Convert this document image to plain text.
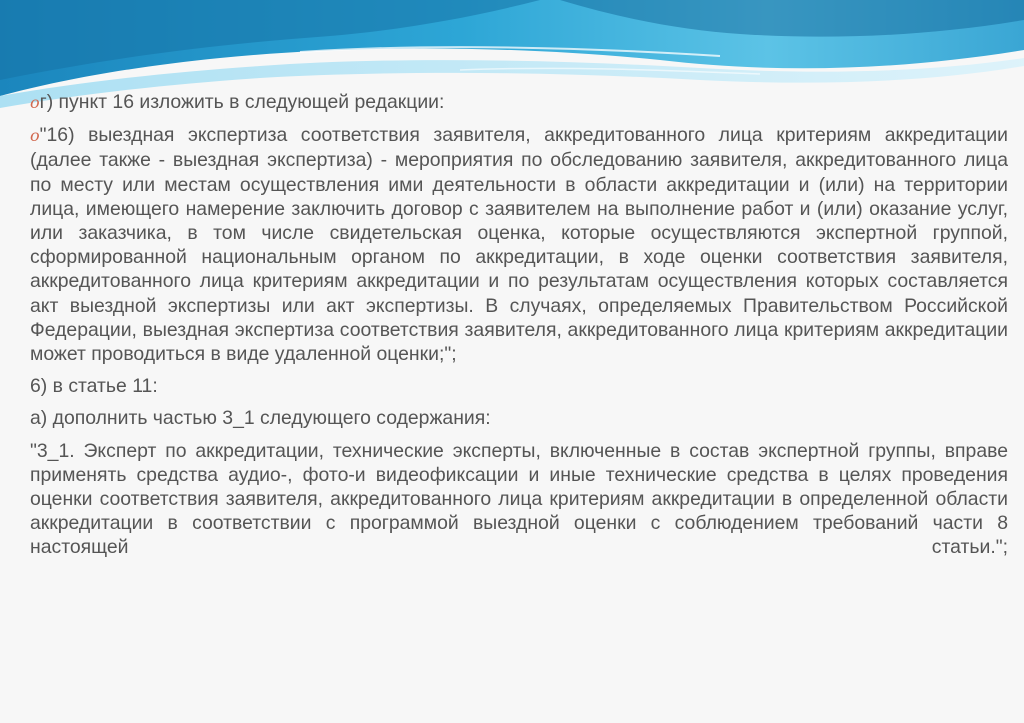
ог) пункт 16 изложить в следующей редакции:

о"16) выездная экспертиза соответствия заявителя, аккредитованного лица критериям аккредитации (далее также - выездная экспертиза) - мероприятия по обследованию заявителя, аккредитованного лица по месту или местам осуществления ими деятельности в области аккредитации и (или) на территории лица, имеющего намерение заключить договор с заявителем на выполнение работ и (или) оказание услуг, или заказчика, в том числе свидетельская оценка, которые осуществляются экспертной группой, сформированной национальным органом по аккредитации, в ходе оценки соответствия заявителя, аккредитованного лица критериям аккредитации и по результатам осуществления которых составляется акт выездной экспертизы или акт экспертизы. В случаях, определяемых Правительством Российской Федерации, выездная экспертиза соответствия заявителя, аккредитованного лица критериям аккредитации может проводиться в виде удаленной оценки;";

6) в статье 11:

а) дополнить частью 3_1 следующего содержания:

"3_1. Эксперт по аккредитации, технические эксперты, включенные в состав экспертной группы, вправе применять средства аудио-, фото-и видеофиксации и иные технические средства в целях проведения оценки соответствия заявителя, аккредитованного лица критериям аккредитации в определенной области аккредитации в соответствии с программой выездной оценки с соблюдением требований части 8 настоящей статьи.";
